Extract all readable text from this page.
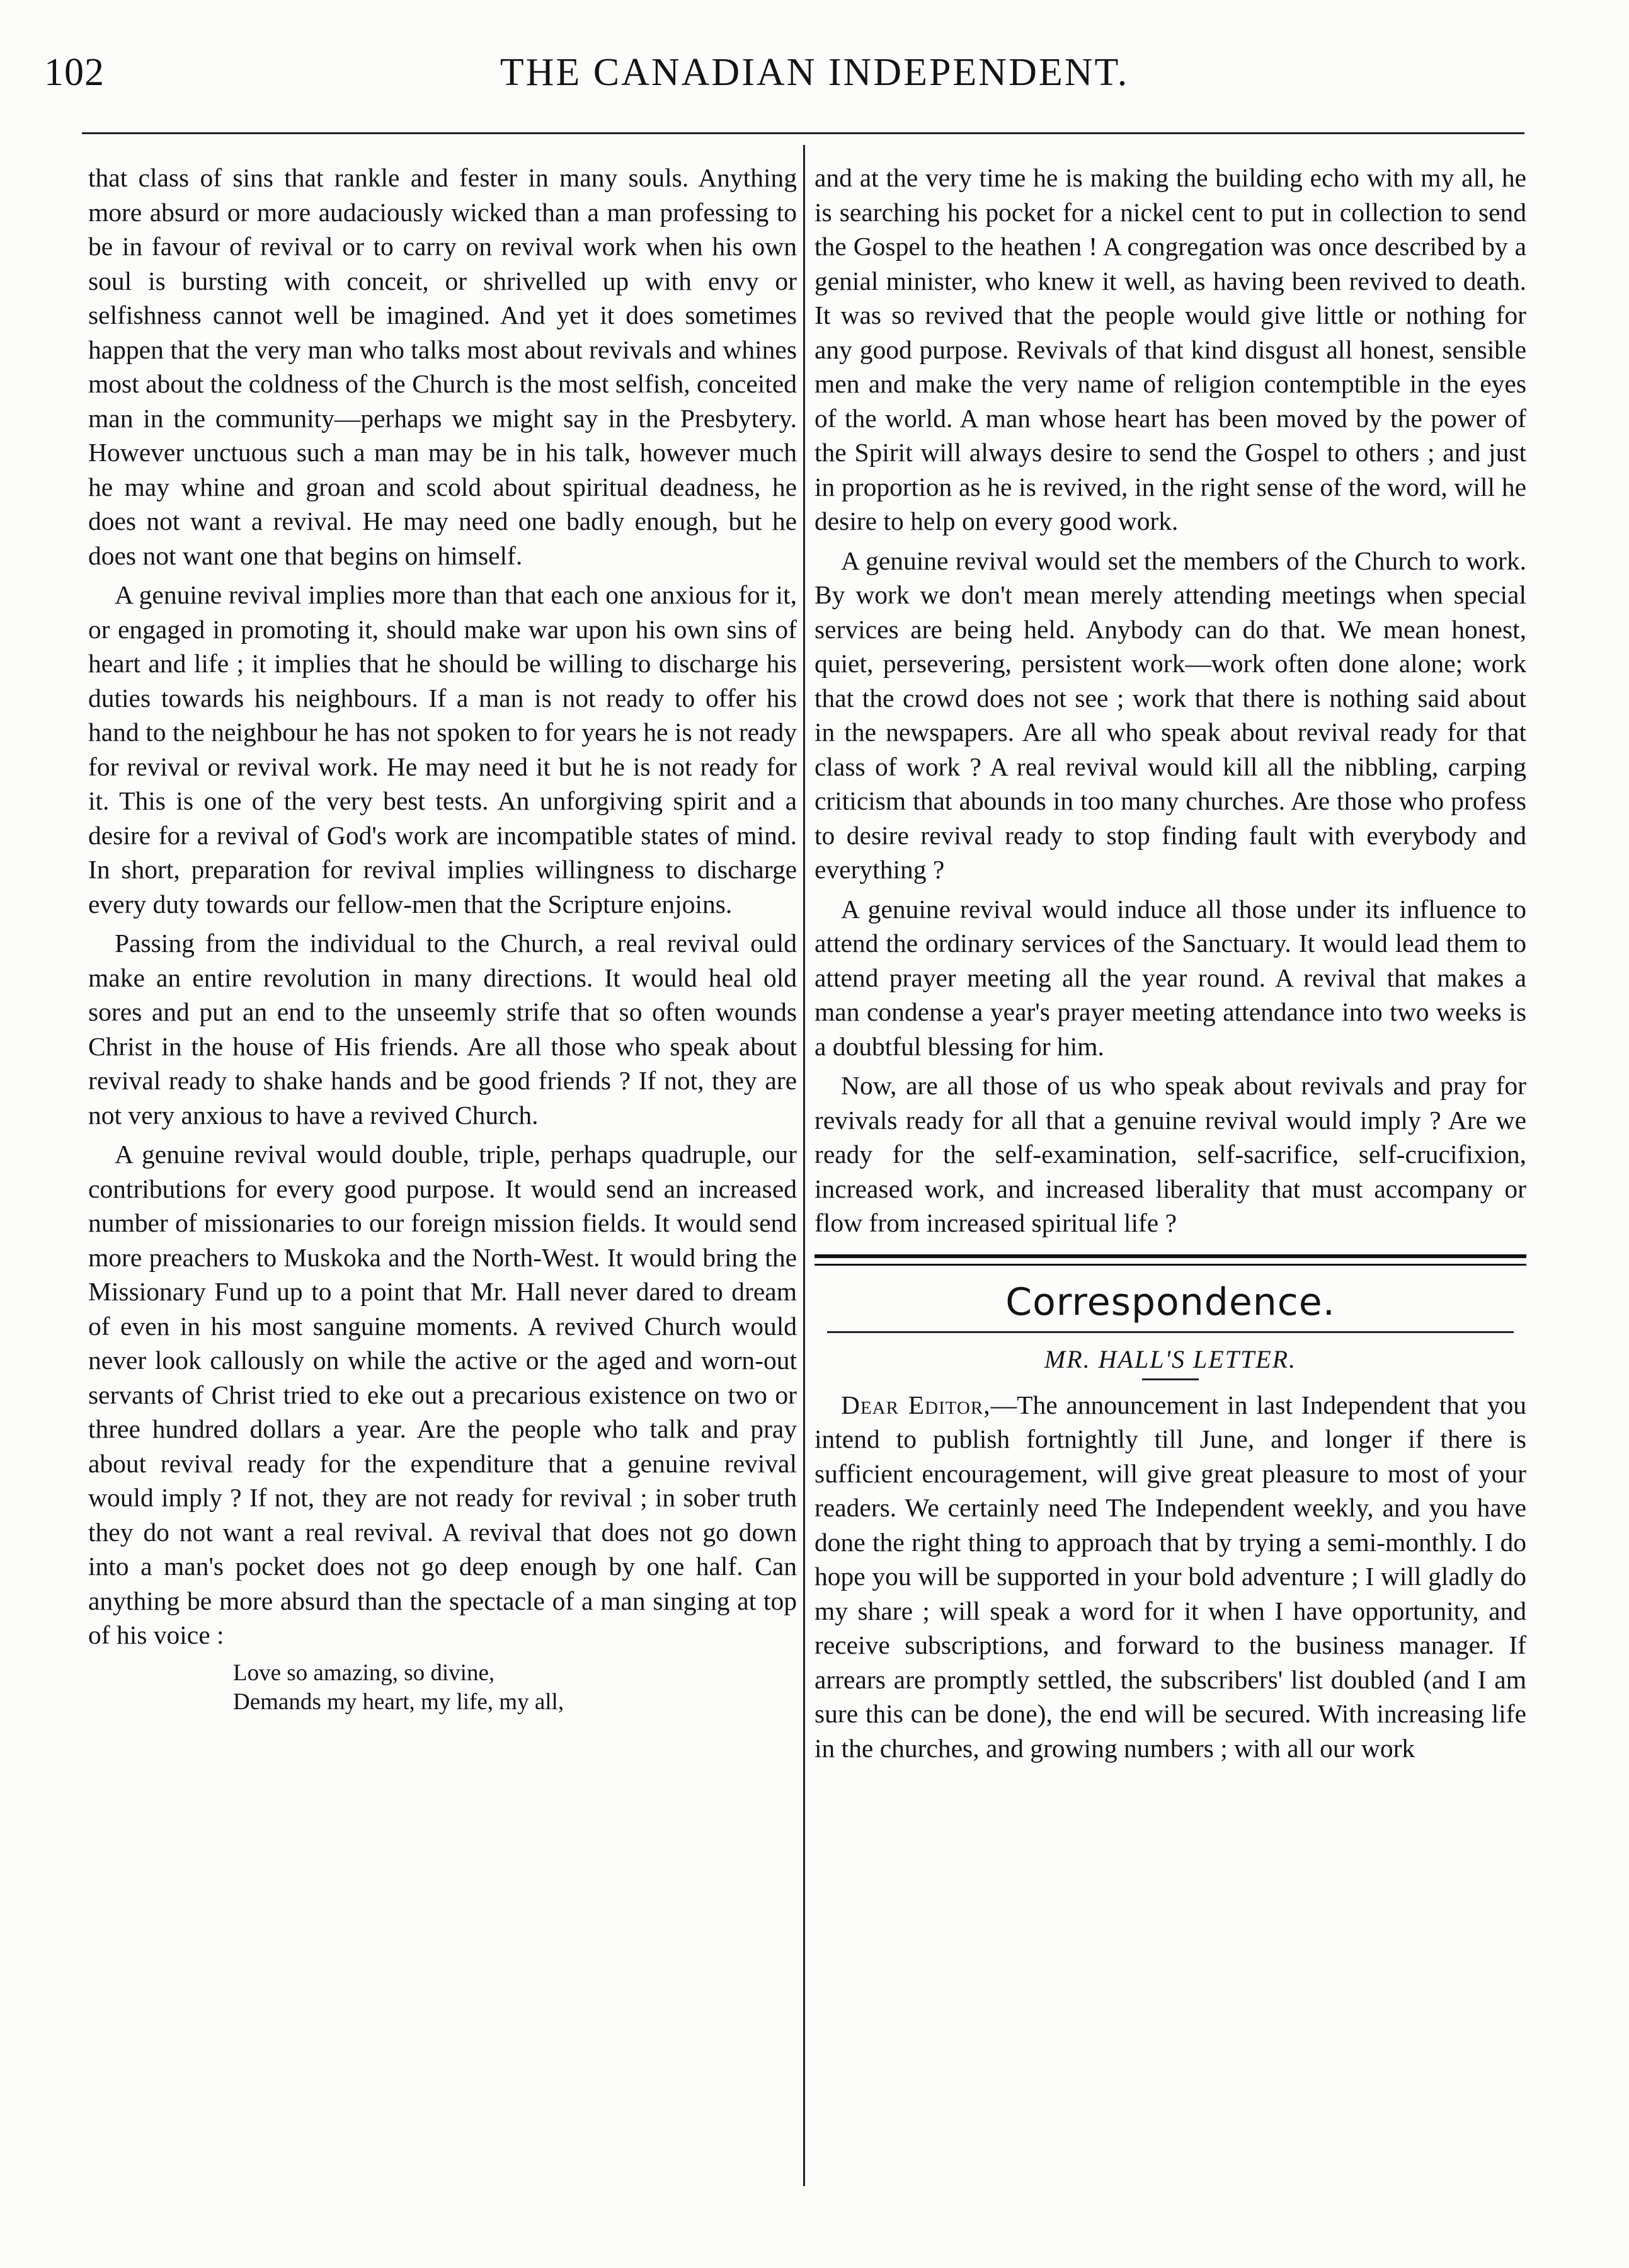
102	THE CANADIAN INDEPENDENT.

that class of sins that rankle and fester in many souls. Anything more absurd or more audaciously wicked than a man professing to be in favour of revival or to carry on revival work when his own soul is bursting with conceit, or shrivelled up with envy or selfishness cannot well be imagined. And yet it does sometimes happen that the very man who talks most about revivals and whines most about the coldness of the Church is the most selfish, conceited man in the community—perhaps we might say in the Presbytery. However unctuous such a man may be in his talk, however much he may whine and groan and scold about spiritual deadness, he does not want a revival. He may need one badly enough, but he does not want one that begins on himself.

A genuine revival implies more than that each one anxious for it, or engaged in promoting it, should make war upon his own sins of heart and life ; it implies that he should be willing to discharge his duties towards his neighbours. If a man is not ready to offer his hand to the neighbour he has not spoken to for years he is not ready for revival or revival work. He may need it but he is not ready for it. This is one of the very best tests. An unforgiving spirit and a desire for a revival of God's work are incompatible states of mind. In short, preparation for revival implies willingness to discharge every duty towards our fellow-men that the Scripture enjoins.

Passing from the individual to the Church, a real revival ould make an entire revolution in many directions. It would heal old sores and put an end to the unseemly strife that so often wounds Christ in the house of His friends. Are all those who speak about revival ready to shake hands and be good friends ? If not, they are not very anxious to have a revived Church.

A genuine revival would double, triple, perhaps quadruple, our contributions for every good purpose. It would send an increased number of missionaries to our foreign mission fields. It would send more preachers to Muskoka and the North-West. It would bring the Missionary Fund up to a point that Mr. Hall never dared to dream of even in his most sanguine moments. A revived Church would never look callously on while the active or the aged and worn-out servants of Christ tried to eke out a precarious existence on two or three hundred dollars a year. Are the people who talk and pray about revival ready for the expenditure that a genuine revival would imply ? If not, they are not ready for revival ; in sober truth they do not want a real revival. A revival that does not go down into a man's pocket does not go deep enough by one half. Can anything be more absurd than the spectacle of a man singing at top of his voice :

Love so amazing, so divine,
Demands my heart, my life, my all,

and at the very time he is making the building echo with my all, he is searching his pocket for a nickel cent to put in collection to send the Gospel to the heathen ! A congregation was once described by a genial minister, who knew it well, as having been revived to death. It was so revived that the people would give little or nothing for any good purpose. Revivals of that kind disgust all honest, sensible men and make the very name of religion contemptible in the eyes of the world. A man whose heart has been moved by the power of the Spirit will always desire to send the Gospel to others ; and just in proportion as he is revived, in the right sense of the word, will he desire to help on every good work.

A genuine revival would set the members of the Church to work. By work we don't mean merely attending meetings when special services are being held. Anybody can do that. We mean honest, quiet, persevering, persistent work—work often done alone; work that the crowd does not see ; work that there is nothing said about in the newspapers. Are all who speak about revival ready for that class of work ? A real revival would kill all the nibbling, carping criticism that abounds in too many churches. Are those who profess to desire revival ready to stop finding fault with everybody and everything ?

A genuine revival would induce all those under its influence to attend the ordinary services of the Sanctuary. It would lead them to attend prayer meeting all the year round. A revival that makes a man condense a year's prayer meeting attendance into two weeks is a doubtful blessing for him.

Now, are all those of us who speak about revivals and pray for revivals ready for all that a genuine revival would imply ? Are we ready for the self-examination, self-sacrifice, self-crucifixion, increased work, and increased liberality that must accompany or flow from increased spiritual life ?

Correspondence.
MR. HALL'S LETTER.

Dear Editor,—The announcement in last Independent that you intend to publish fortnightly till June, and longer if there is sufficient encouragement, will give great pleasure to most of your readers. We certainly need The Independent weekly, and you have done the right thing to approach that by trying a semi-monthly. I do hope you will be supported in your bold adventure ; I will gladly do my share ; will speak a word for it when I have opportunity, and receive subscriptions, and forward to the business manager. If arrears are promptly settled, the subscribers' list doubled (and I am sure this can be done), the end will be secured. With increasing life in the churches, and growing numbers ; with all our work
